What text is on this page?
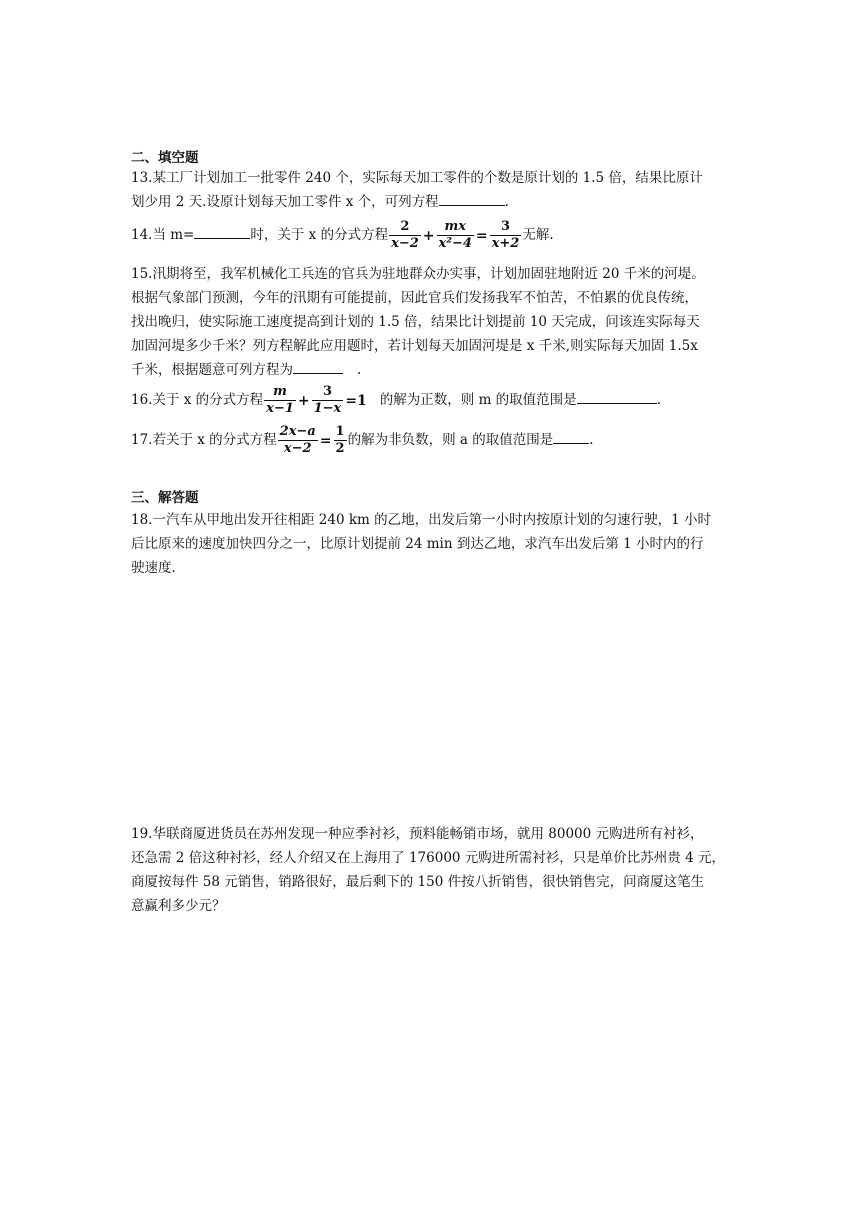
二、填空题
13.某工厂计划加工一批零件 240 个，实际每天加工零件的个数是原计划的 1.5 倍，结果比原计
划少用 2 天.设原计划每天加工零件 x 个，可列方程	.
14.当 m=	时，关于 x 的分式方程 $\frac{2}{x-2} + \frac{mx}{\text{x²−4}} = \frac{3}{x+2}$ 无解.
15.汛期将至，我军机械化工兵连的官兵为驻地群众办实事，计划加固驻地附近 20 千米的河堤。
根据气象部门预测，今年的汛期有可能提前，因此官兵们发扬我军不怕苦，不怕累的优良传统，
找出晚归，使实际施工速度提高到计划的 1.5 倍，结果比计划提前 10 天完成，问该连实际每天
加固河堤多少千米？列方程解此应用题时，若计划每天加固河堤是 x 千米,则实际每天加固 1.5x
千米，根据题意可列方程为	.
16.关于 x 的分式方程 $\frac{m}{x-1} + \frac{3}{1-x} =1$ 的解为正数，则 m 的取值范围是	.
17.若关于 x 的分式方程 $\frac{2x-a}{x-2} = \frac{1}{2}$ 的解为非负数，则 a 的取值范围是	.
三、解答题
18.一汽车从甲地出发开往相距 240 km 的乙地，出发后第一小时内按原计划的匀速行驶，1 小时
后比原来的速度加快四分之一，比原计划提前 24 min 到达乙地，求汽车出发后第 1 小时内的行
驶速度.
19.华联商厦进货员在苏州发现一种应季衬衫，预料能畅销市场，就用 80000 元购进所有衬衫，
还急需 2 倍这种衬衫，经人介绍又在上海用了 176000 元购进所需衬衫，只是单价比苏州贵 4 元，
商厦按每件 58 元销售，销路很好，最后剩下的 150 件按八折销售，很快销售完，问商厦这笔生
意赢利多少元？
